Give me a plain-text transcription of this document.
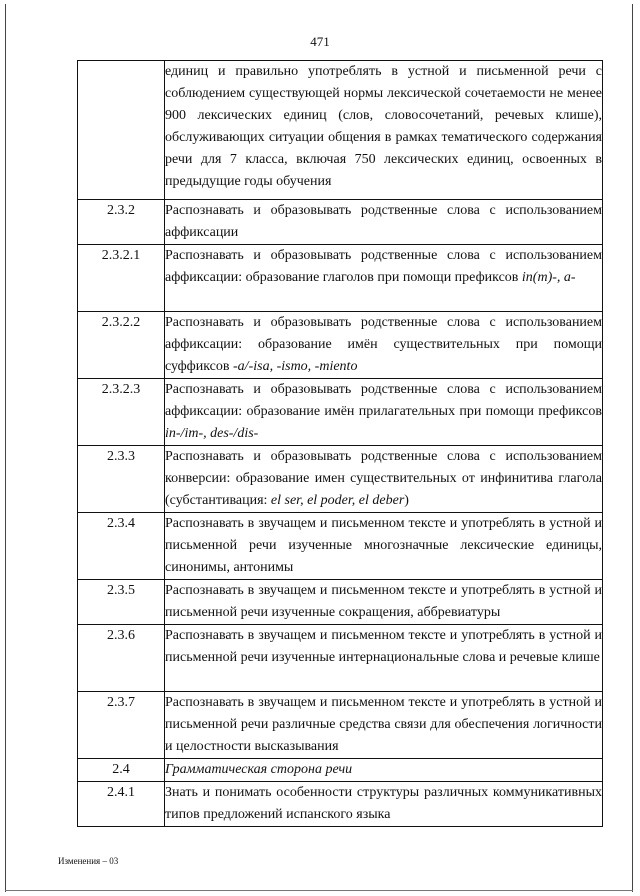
471
	единиц и правильно употреблять в устной и письменной речи с соблюдением существующей нормы лексической сочетаемости не менее 900 лексических единиц (слов, словосочетаний, речевых клише), обслуживающих ситуации общения в рамках тематического содержания речи для 7 класса, включая 750 лексических единиц, освоенных в предыдущие годы обучения
2.3.2	Распознавать и образовывать родственные слова с использованием аффиксации
2.3.2.1	Распознавать и образовывать родственные слова с использованием аффиксации: образование глаголов при помощи префиксов in(m)-, a-
2.3.2.2	Распознавать и образовывать родственные слова с использованием аффиксации: образование имён существительных при помощи суффиксов -a/-isa, -ismo, -miento
2.3.2.3	Распознавать и образовывать родственные слова с использованием аффиксации: образование имён прилагательных при помощи префиксов in-/im-, des-/dis-
2.3.3	Распознавать и образовывать родственные слова с использованием конверсии: образование имен существительных от инфинитива глагола (субстантивация: el ser, el poder, el deber)
2.3.4	Распознавать в звучащем и письменном тексте и употреблять в устной и письменной речи изученные многозначные лексические единицы, синонимы, антонимы
2.3.5	Распознавать в звучащем и письменном тексте и употреблять в устной и письменной речи изученные сокращения, аббревиатуры
2.3.6	Распознавать в звучащем и письменном тексте и употреблять в устной и письменной речи изученные интернациональные слова и речевые клише
2.3.7	Распознавать в звучащем и письменном тексте и употреблять в устной и письменной речи различные средства связи для обеспечения логичности и целостности высказывания
2.4	Грамматическая сторона речи
2.4.1	Знать и понимать особенности структуры различных коммуникативных типов предложений испанского языка
Изменения – 03
